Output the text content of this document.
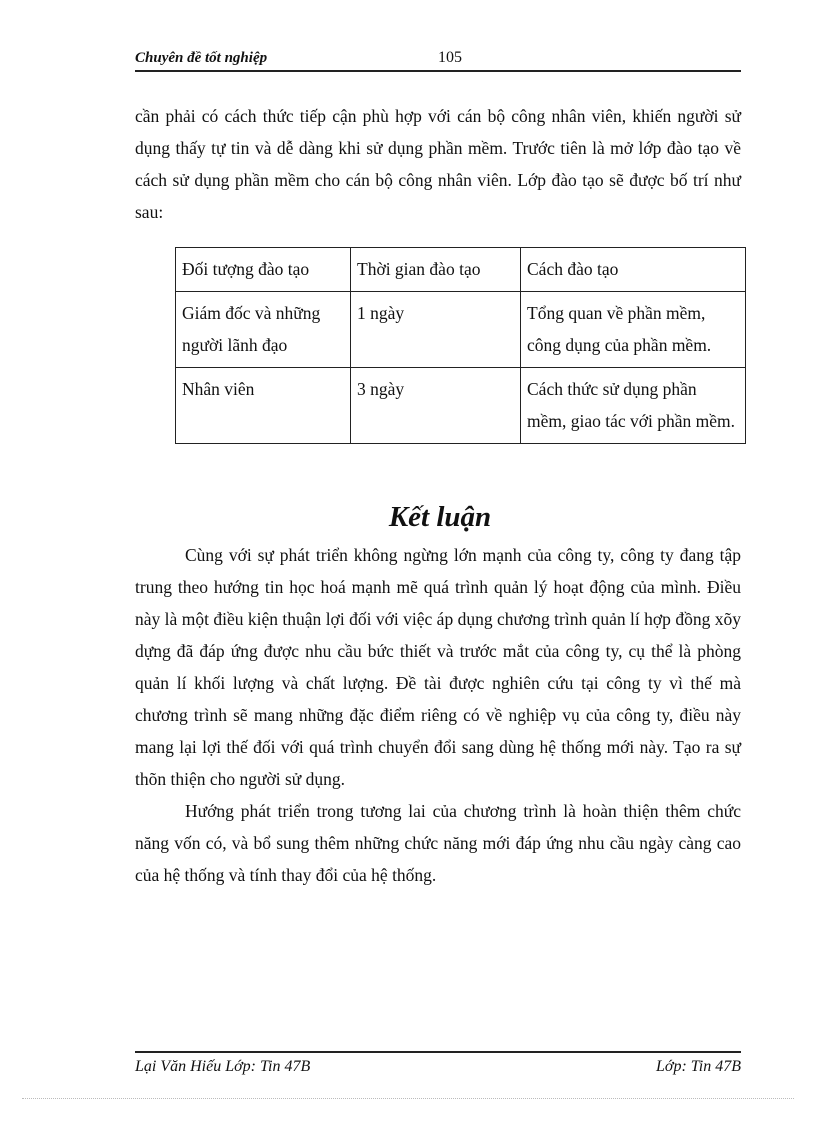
Chuyên đề tốt nghiệp	105

cần phải có cách thức tiếp cận phù hợp với cán bộ công nhân viên, khiến người sử dụng thấy tự tin và dễ dàng khi sử dụng phần mềm. Trước tiên là mở lớp đào tạo về cách sử dụng phần mềm cho cán bộ công nhân viên. Lớp đào tạo sẽ được bố trí như sau:

Đối tượng đào tạo	Thời gian đào tạo	Cách đào tạo
Giám đốc và những người lãnh đạo	1 ngày	Tổng quan về phần mềm, công dụng của phần mềm.
Nhân viên	3 ngày	Cách thức sử dụng phần mềm, giao tác với phần mềm.
Kết luận

Cùng với sự phát triển không ngừng lớn mạnh của công ty, công ty đang tập trung theo hướng tin học hoá mạnh mẽ quá trình quản lý hoạt động của mình. Điều này là một điều kiện thuận lợi đối với việc áp dụng chương trình quản lí hợp đồng xõy dựng đã đáp ứng được nhu cầu bức thiết và trước mắt của công ty, cụ thể là phòng quản lí khối lượng và chất lượng. Đề tài được nghiên cứu tại công ty vì thế mà chương trình sẽ mang những đặc điểm riêng có về nghiệp vụ của công ty, điều này mang lại lợi thế đối với quá trình chuyển đổi sang dùng hệ thống mới này. Tạo ra sự thõn thiện cho người sử dụng.

Hướng phát triển trong tương lai của chương trình là hoàn thiện thêm chức năng vốn có, và bổ sung thêm những chức năng mới đáp ứng nhu cầu ngày càng cao của hệ thống và tính thay đổi của hệ thống.

Lại Văn Hiếu Lớp: Tin 47B	Lớp: Tin 47B
